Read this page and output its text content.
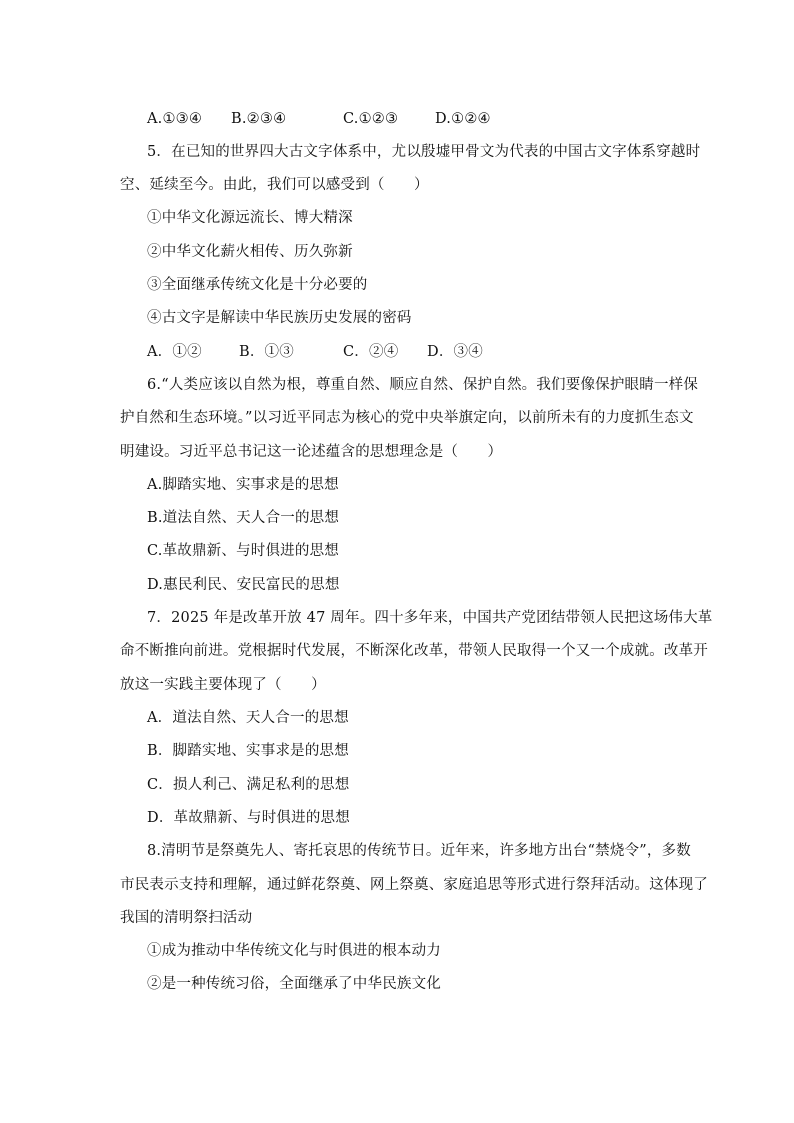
A.①③④ B.②③④	C.①②③	D.①②④
5．在已知的世界四大古文字体系中，尤以殷墟甲骨文为代表的中国古文字体系穿越时
空、延续至今。由此，我们可以感受到（　　）
①中华文化源远流长、博大精深
②中华文化薪火相传、历久弥新
③全面继承传统文化是十分必要的
④古文字是解读中华民族历史发展的密码
A．①②	B．①③	C．②④ D．③④
6.“人类应该以自然为根，尊重自然、顺应自然、保护自然。我们要像保护眼睛一样保
护自然和生态环境。”以习近平同志为核心的党中央举旗定向，以前所未有的力度抓生态文
明建设。习近平总书记这一论述蕴含的思想理念是（　　）
A.脚踏实地、实事求是的思想
B.道法自然、天人合一的思想
C.革故鼎新、与时俱进的思想
D.惠民利民、安民富民的思想
7．2025 年是改革开放 47 周年。四十多年来，中国共产党团结带领人民把这场伟大革
命不断推向前进。党根据时代发展，不断深化改革，带领人民取得一个又一个成就。改革开
放这一实践主要体现了（　　）
A．道法自然、天人合一的思想
B．脚踏实地、实事求是的思想
C．损人利己、满足私利的思想
D．革故鼎新、与时俱进的思想
8.清明节是祭奠先人、寄托哀思的传统节日。近年来，许多地方出台“禁烧令”，多数
市民表示支持和理解，通过鲜花祭奠、网上祭奠、家庭追思等形式进行祭拜活动。这体现了
我国的清明祭扫活动
①成为推动中华传统文化与时俱进的根本动力
②是一种传统习俗，全面继承了中华民族文化
